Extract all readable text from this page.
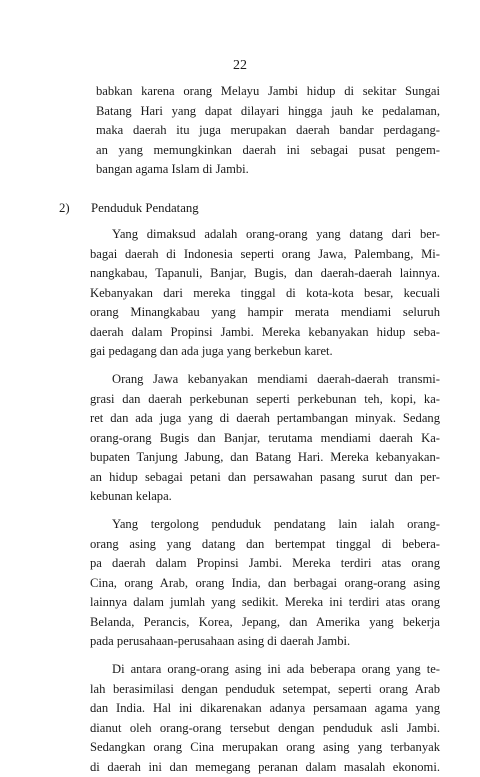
22
babkan karena orang Melayu Jambi hidup di sekitar Sungai
Batang Hari yang dapat dilayari hingga jauh ke pedalaman,
maka daerah itu juga merupakan daerah bandar perdagang-
an yang memungkinkan daerah ini sebagai pusat pengem-
bangan agama Islam di Jambi.
2) Penduduk Pendatang
Yang dimaksud adalah orang-orang yang datang dari ber-
bagai daerah di Indonesia seperti orang Jawa, Palembang, Mi-
nangkabau, Tapanuli, Banjar, Bugis, dan daerah-daerah lainnya.
Kebanyakan dari mereka tinggal di kota-kota besar, kecuali
orang Minangkabau yang hampir merata mendiami seluruh
daerah dalam Propinsi Jambi. Mereka kebanyakan hidup seba-
gai pedagang dan ada juga yang berkebun karet.
Orang Jawa kebanyakan mendiami daerah-daerah transmi-
grasi dan daerah perkebunan seperti perkebunan teh, kopi, ka-
ret dan ada juga yang di daerah pertambangan minyak. Sedang
orang-orang Bugis dan Banjar, terutama mendiami daerah Ka-
bupaten Tanjung Jabung, dan Batang Hari. Mereka kebanyakan-
an hidup sebagai petani dan persawahan pasang surut dan per-
kebunan kelapa.
Yang tergolong penduduk pendatang lain ialah orang-
orang asing yang datang dan bertempat tinggal di bebera-
pa daerah dalam Propinsi Jambi. Mereka terdiri atas orang
Cina, orang Arab, orang India, dan berbagai orang-orang asing
lainnya dalam jumlah yang sedikit. Mereka ini terdiri atas orang
Belanda, Perancis, Korea, Jepang, dan Amerika yang bekerja
pada perusahaan-perusahaan asing di daerah Jambi.
Di antara orang-orang asing ini ada beberapa orang yang te-
lah berasimilasi dengan penduduk setempat, seperti orang Arab
dan India. Hal ini dikarenakan adanya persamaan agama yang
dianut oleh orang-orang tersebut dengan penduduk asli Jambi.
Sedangkan orang Cina merupakan orang asing yang terbanyak
di daerah ini dan memegang peranan dalam masalah ekonomi.
